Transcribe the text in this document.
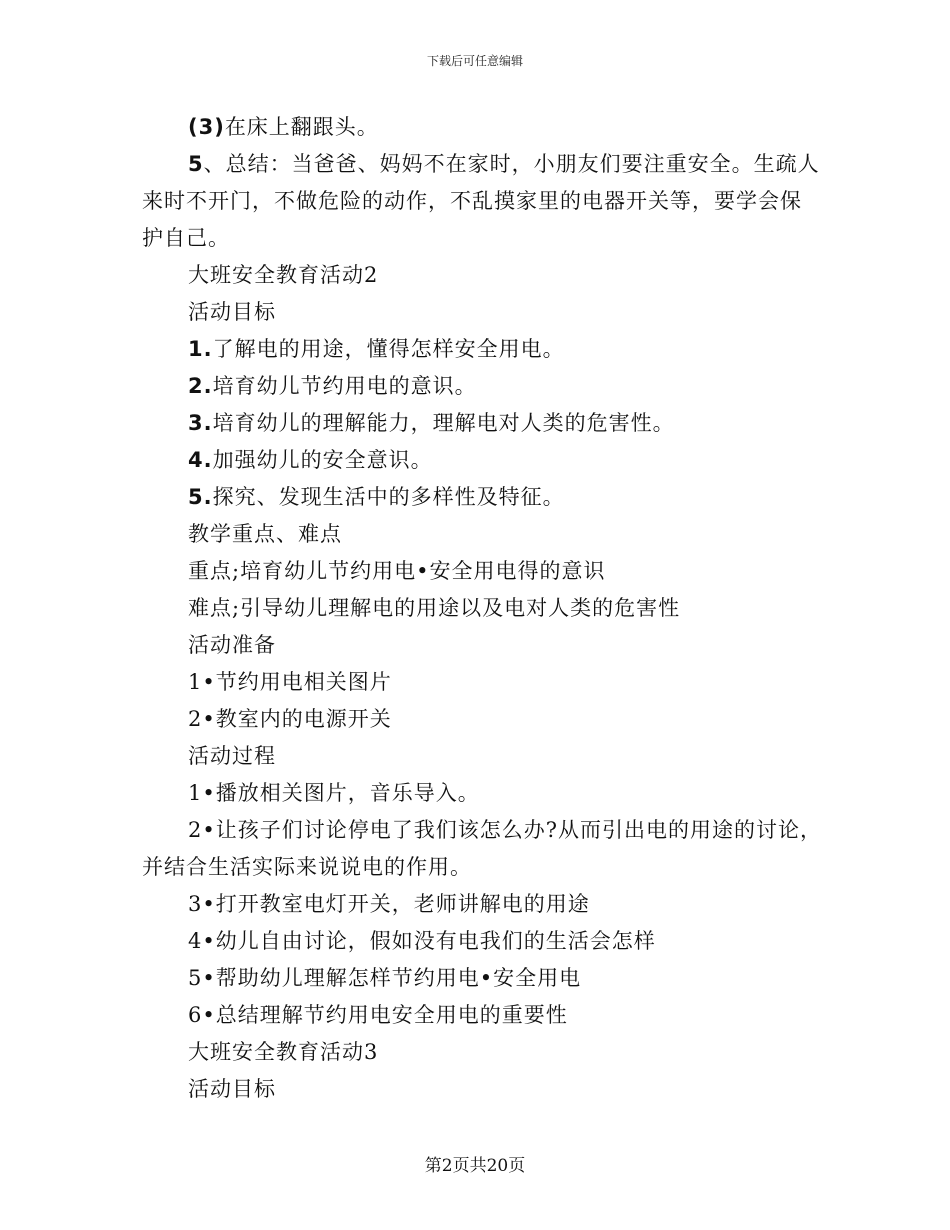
下载后可任意编辑
(3)在床上翻跟头。
5、总结：当爸爸、妈妈不在家时，小朋友们要注重安全。生疏人
来时不开门，不做危险的动作，不乱摸家里的电器开关等，要学会保
护自己。
大班安全教育活动2
活动目标
1.了解电的用途，懂得怎样安全用电。
2.培育幼儿节约用电的意识。
3.培育幼儿的理解能力，理解电对人类的危害性。
4.加强幼儿的安全意识。
5.探究、发现生活中的多样性及特征。
教学重点、难点
重点;培育幼儿节约用电•安全用电得的意识
难点;引导幼儿理解电的用途以及电对人类的危害性
活动准备
1•节约用电相关图片
2•教室内的电源开关
活动过程
1•播放相关图片，音乐导入。
2•让孩子们讨论停电了我们该怎么办?从而引出电的用途的讨论，
并结合生活实际来说说电的作用。
3•打开教室电灯开关，老师讲解电的用途
4•幼儿自由讨论，假如没有电我们的生活会怎样
5•帮助幼儿理解怎样节约用电•安全用电
6•总结理解节约用电安全用电的重要性
大班安全教育活动3
活动目标
第2页共20页
